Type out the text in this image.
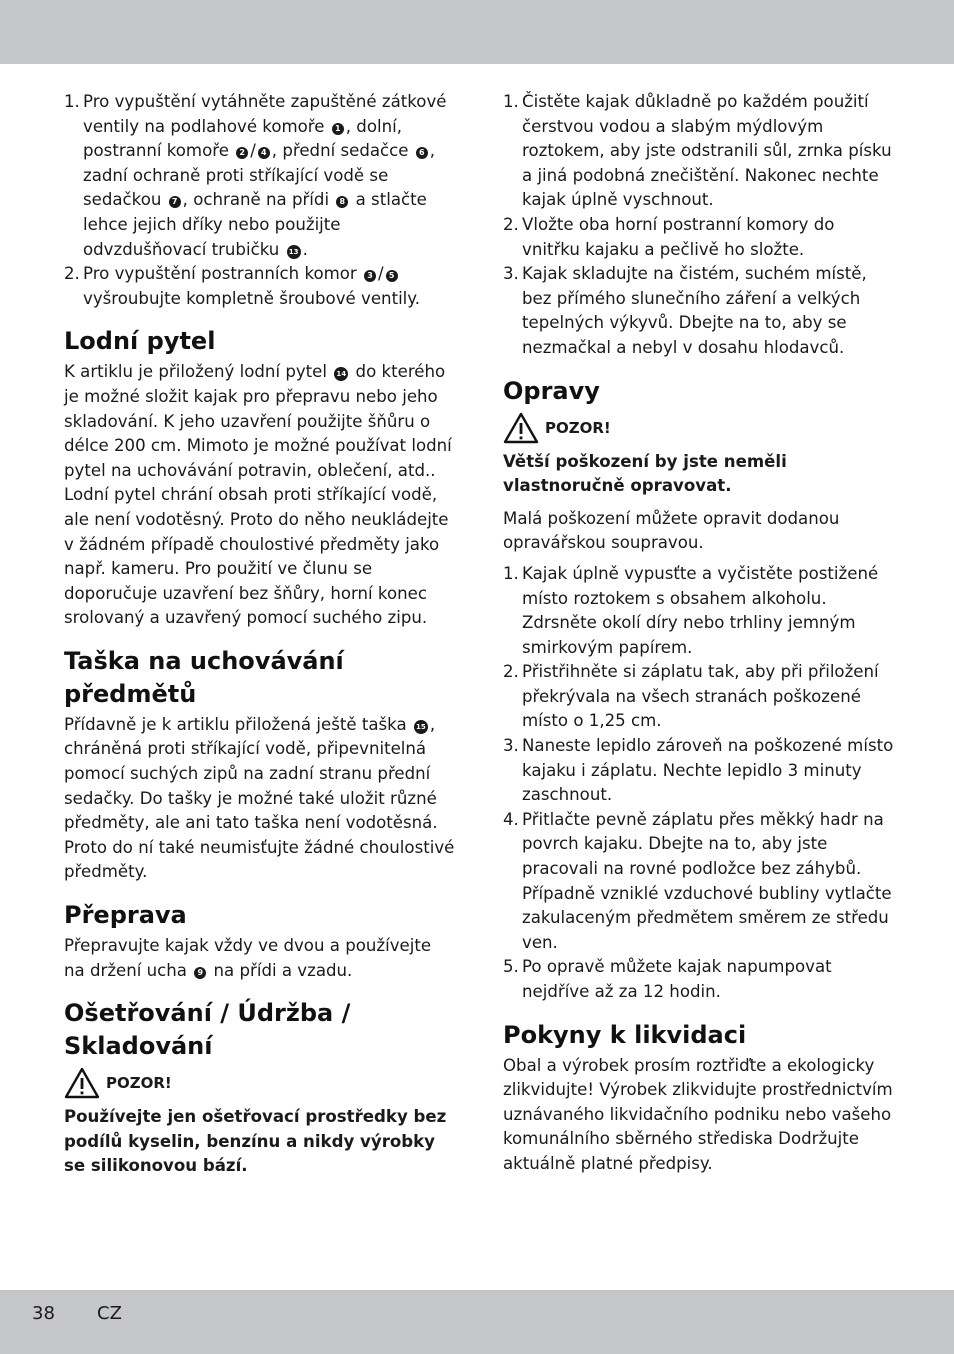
1. Pro vypuštění vytáhněte zapuštěné zátkové ventily na podlahové komoře 1 , dolní, postranní komoře 2 / 4 , přední sedačce 6 , zadní ochraně proti stříkající vodě se sedačkou 7 , ochraně na přídi 8 a stlačte lehce jejich dříky nebo použijte odvzdušňovací trubičku 13 .
2. Pro vypuštění postranních komor 3 / 5 vyšroubujte kompletně šroubové ventily.
Lodní pytel

K artiklu je přiložený lodní pytel 14 do kterého je možné složit kajak pro přepravu nebo jeho skladování. K jeho uzavření použijte šňůru o délce 200 cm. Mimoto je možné používat lodní pytel na uchovávání potravin, oblečení, atd.. Lodní pytel chrání obsah proti stříkající vodě, ale není vodotěsný. Proto do něho neukládejte v žádném případě choulostivé předměty jako např. kameru. Pro použití ve člunu se doporučuje uzavření bez šňůry, horní konec srolovaný a uzavřený pomocí suchého zipu.

Taška na uchovávání předmětů

Přídavně je k artiklu přiložená ještě taška 15 , chráněná proti stříkající vodě, připevnitelná pomocí suchých zipů na zadní stranu přední sedačky. Do tašky je možné také uložit různé předměty, ale ani tato taška není vodotěsná. Proto do ní také neumisťujte žádné choulostivé předměty.

Přeprava

Přepravujte kajak vždy ve dvou a používejte na držení ucha 9 na přídi a vzadu.

Ošetřování / Údržba / Skladování
POZOR!

Používejte jen ošetřovací prostředky bez podílů kyselin, benzínu a nikdy výrobky se silikonovou bází.

1. Čistěte kajak důkladně po každém použití čerstvou vodou a slabým mýdlovým roztokem, aby jste odstranili sůl, zrnka písku a jiná podobná znečištění. Nakonec nechte kajak úplně vyschnout.
2. Vložte oba horní postranní komory do vnitřku kajaku a pečlivě ho složte.
3. Kajak skladujte na čistém, suchém místě, bez přímého slunečního záření a velkých tepelných výkyvů. Dbejte na to, aby se nezmačkal a nebyl v dosahu hlodavců.
Opravy
POZOR!

Větší poškození by jste neměli vlastnoručně opravovat.

Malá poškození můžete opravit dodanou opravářskou soupravou.

1. Kajak úplně vypusťte a vyčistěte postižené místo roztokem s obsahem alkoholu. Zdrsněte okolí díry nebo trhliny jemným smirkovým papírem.
2. Přistřihněte si záplatu tak, aby při přiložení překrývala na všech stranách poškozené místo o 1,25 cm.
3. Naneste lepidlo zároveň na poškozené místo kajaku i záplatu. Nechte lepidlo 3 minuty zaschnout.
4. Přitlačte pevně záplatu přes měkký hadr na povrch kajaku. Dbejte na to, aby jste pracovali na rovné podložce bez záhybů. Případně vzniklé vzduchové bubliny vytlačte zakulaceným předmětem směrem ze středu ven.
5. Po opravě můžete kajak napumpovat nejdříve až za 12 hodin.
Pokyny k likvidaci

Obal a výrobek prosím roztřiďte a ekologicky zlikvidujte! Výrobek zlikvidujte prostřednictvím uznávaného likvidačního podniku nebo vašeho komunálního sběrného střediska Dodržujte aktuálně platné předpisy.

38 CZ
